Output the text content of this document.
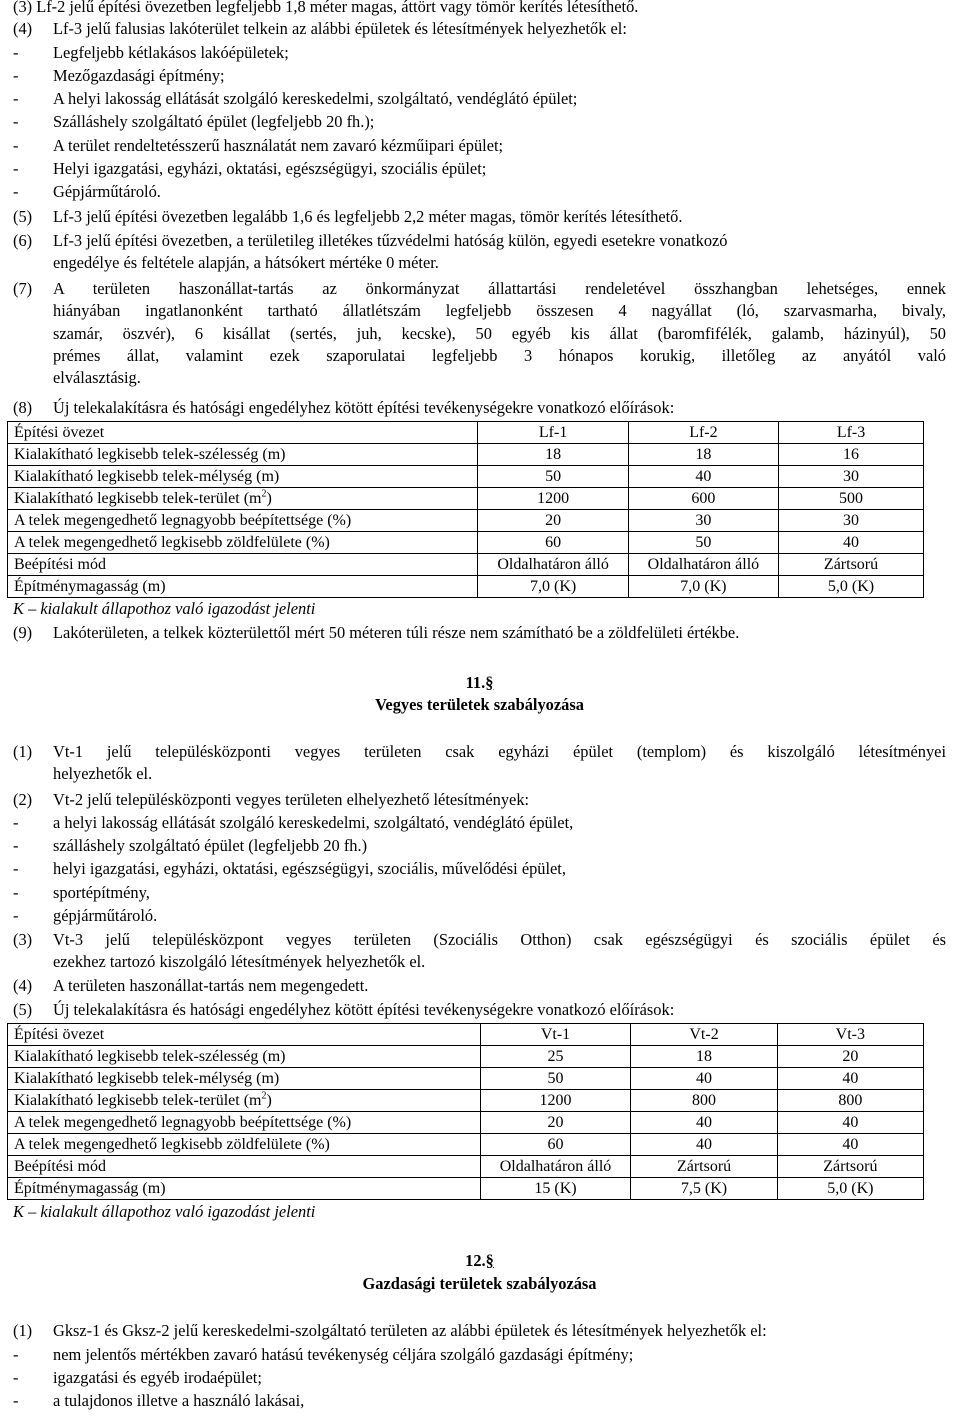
(3) Lf-2 jelű építési övezetben legfeljebb 1,8 méter magas, áttört vagy tömör kerítés létesíthető.

(4) Lf-3 jelű falusias lakóterület telkein az alábbi épületek és létesítmények helyezhetők el:

- Legfeljebb kétlakásos lakóépületek;

- Mezőgazdasági építmény;

- A helyi lakosság ellátását szolgáló kereskedelmi, szolgáltató, vendéglátó épület;

- Szálláshely szolgáltató épület (legfeljebb 20 fh.);

- A terület rendeltetésszerű használatát nem zavaró kézműipari épület;

- Helyi igazgatási, egyházi, oktatási, egészségügyi, szociális épület;

- Gépjárműtároló.

(5) Lf-3 jelű építési övezetben legalább 1,6 és legfeljebb 2,2 méter magas, tömör kerítés létesíthető.

(6) Lf-3 jelű építési övezetben, a területileg illetékes tűzvédelmi hatóság külön, egyedi esetekre vonatkozó
engedélye és feltétele alapján, a hátsókert mértéke 0 méter.
(7) A területen haszonállat-tartás az önkormányzat állattartási rendeletével összhangban lehetséges, ennek
hiányában ingatlanonként tartható állatlétszám legfeljebb összesen 4 nagyállat (ló, szarvasmarha, bivaly,
szamár, öszvér), 6 kisállat (sertés, juh, kecske), 50 egyéb kis állat (baromfifélék, galamb, házinyúl), 50
prémes állat, valamint ezek szaporulatai legfeljebb 3 hónapos korukig, illetőleg az anyától való
elválasztásig.

(8) Új telekalakításra és hatósági engedélyhez kötött építési tevékenységekre vonatkozó előírások:

Építési övezet	Lf-1	Lf-2	Lf-3
Kialakítható legkisebb telek-szélesség (m)	18	18	16
Kialakítható legkisebb telek-mélység (m)	50	40	30
Kialakítható legkisebb telek-terület $(m^2)$	1200	600	500
A telek megengedhető legnagyobb beépítettsége (%)	20	30	30
A telek megengedhető legkisebb zöldfelülete (%)	60	50	40
Beépítési mód	Oldalhatáron álló	Oldalhatáron álló	Zártsorú
Építménymagasság (m)	7,0 (K)	7,0 (K)	5,0 (K)
K – kialakult állapothoz való igazodást jelenti

(9) Lakóterületen, a telkek közterülettől mért 50 méteren túli része nem számítható be a zöldfelületi értékbe.

11.§
Vegyes területek szabályozása
(1) Vt-1 jelű településközponti vegyes területen csak egyházi épület (templom) és kiszolgáló létesítményei
helyezhetők el.

(2) Vt-2 jelű településközponti vegyes területen elhelyezhető létesítmények:

- a helyi lakosság ellátását szolgáló kereskedelmi, szolgáltató, vendéglátó épület,

- szálláshely szolgáltató épület (legfeljebb 20 fh.)

- helyi igazgatási, egyházi, oktatási, egészségügyi, szociális, művelődési épület,

- sportépítmény,

- gépjárműtároló.

(3) Vt-3 jelű településközpont vegyes területen (Szociális Otthon) csak egészségügyi és szociális épület és
ezekhez tartozó kiszolgáló létesítmények helyezhetők el.

(4) A területen haszonállat-tartás nem megengedett.

(5) Új telekalakításra és hatósági engedélyhez kötött építési tevékenységekre vonatkozó előírások:

Építési övezet	Vt-1	Vt-2	Vt-3
Kialakítható legkisebb telek-szélesség (m)	25	18	20
Kialakítható legkisebb telek-mélység (m)	50	40	40
Kialakítható legkisebb telek-terület $(m^2)$	1200	800	800
A telek megengedhető legnagyobb beépítettsége (%)	20	40	40
A telek megengedhető legkisebb zöldfelülete (%)	60	40	40
Beépítési mód	Oldalhatáron álló	Zártsorú	Zártsorú
Építménymagasság (m)	15 (K)	7,5 (K)	5,0 (K)
K – kialakult állapothoz való igazodást jelenti
12.§
Gazdasági területek szabályozása

(1) Gksz-1 és Gksz-2 jelű kereskedelmi-szolgáltató területen az alábbi épületek és létesítmények helyezhetők el:

- nem jelentős mértékben zavaró hatású tevékenység céljára szolgáló gazdasági építmény;

- igazgatási és egyéb irodaépület;

- a tulajdonos illetve a használó lakásai,
